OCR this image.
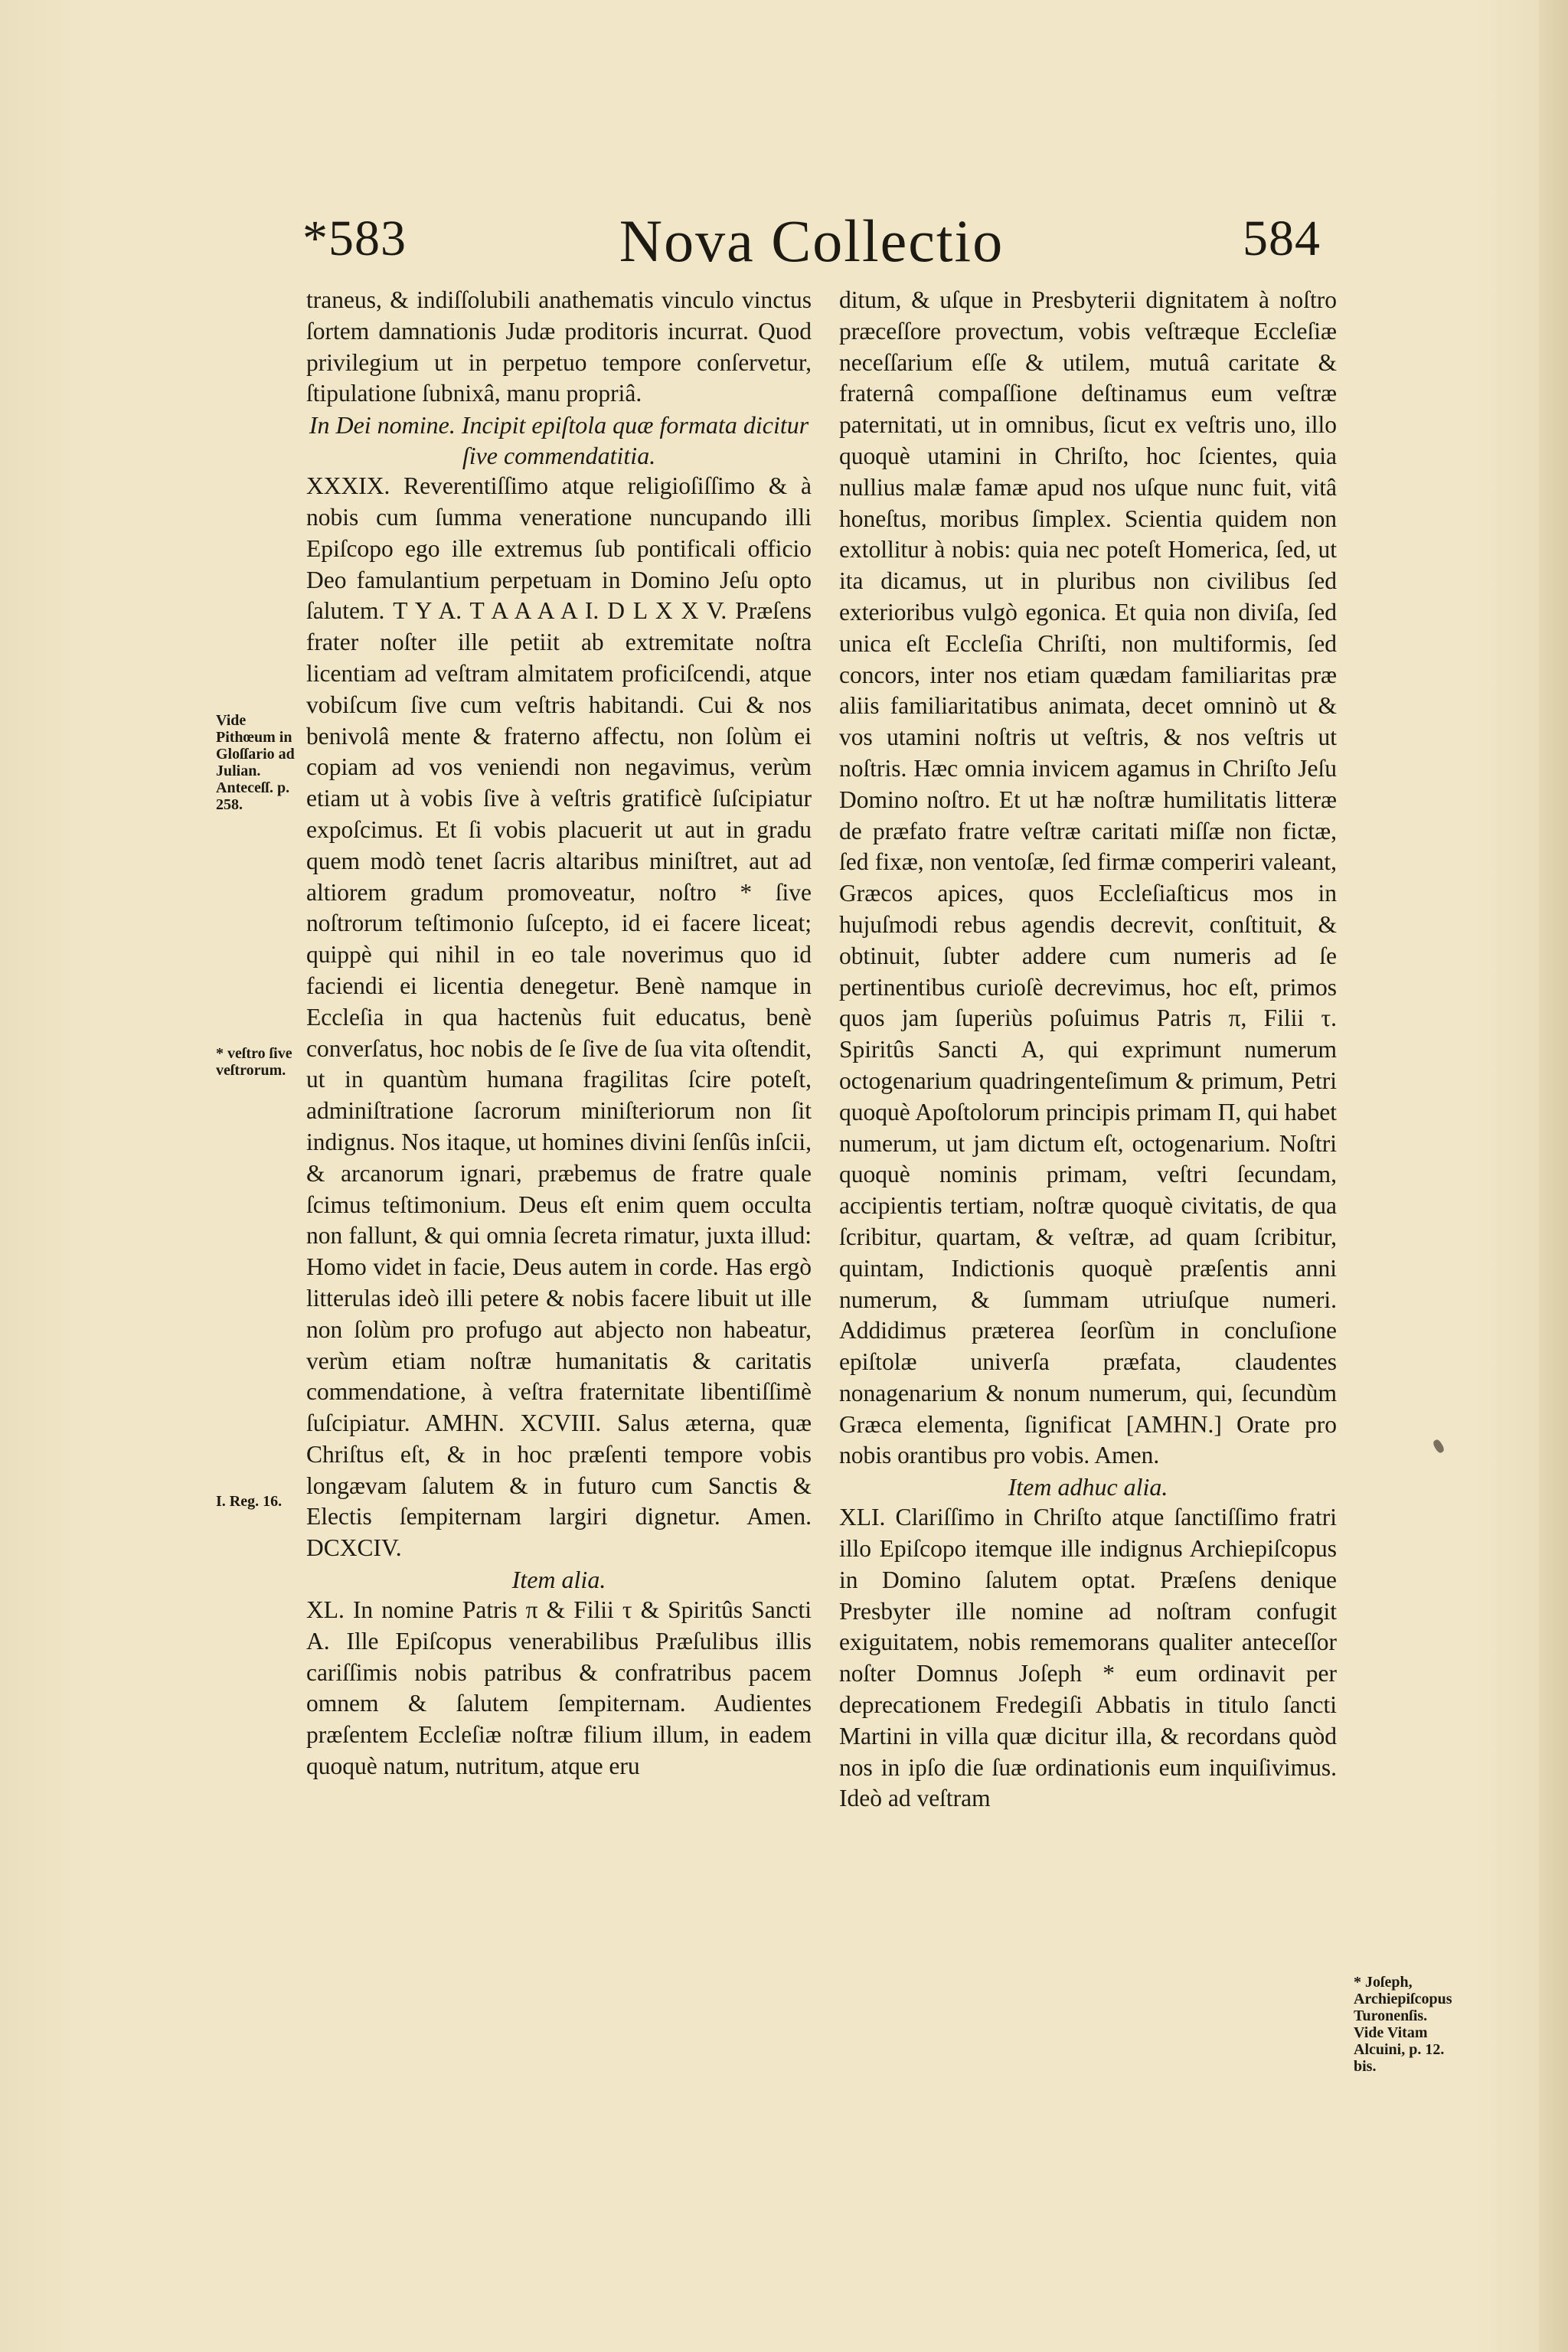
*583	Nova Collectio	584

traneus, & indiſſolubili anathematis vinculo vinctus ſortem damnationis Judæ proditoris incurrat. Quod privilegium ut in perpetuo tempore conſervetur, ſtipulatione ſubnixâ, manu propriâ.

In Dei nomine. Incipit epiſtola quæ formata dicitur ſive commendatitia.

XXXIX. Reverentiſſimo atque religioſiſſimo & à nobis cum ſumma veneratione nuncupando illi Epiſcopo ego ille extremus ſub pontificali officio Deo famulantium perpetuam in Domino Jeſu opto ſalutem. Τ Υ Α. Τ Α Α Α Α Ι. D L X X V. Præſens frater noſter ille petiit ab extremitate noſtra licentiam ad veſtram almitatem proficiſcendi, atque vobiſcum ſive cum veſtris habitandi. Cui & nos benivolâ mente & fraterno affectu, non ſolùm ei copiam ad vos veniendi non negavimus, verùm etiam ut à vobis ſive à veſtris gratificè ſuſcipiatur expoſcimus. Et ſi vobis placuerit ut aut in gradu quem modò tenet ſacris altaribus miniſtret, aut ad altiorem gradum promoveatur, noſtro * ſive noſtrorum teſtimonio ſuſcepto, id ei facere liceat; quippè qui nihil in eo tale noverimus quo id faciendi ei licentia denegetur. Benè namque in Eccleſia in qua hactenùs fuit educatus, benè converſatus, hoc nobis de ſe ſive de ſua vita oſtendit, ut in quantùm humana fragilitas ſcire poteſt, adminiſtratione ſacrorum miniſteriorum non ſit indignus. Nos itaque, ut homines divini ſenſûs inſcii, & arcanorum ignari, præbemus de fratre quale ſcimus teſtimonium. Deus eſt enim quem occulta non fallunt, & qui omnia ſecreta rimatur, juxta illud: Homo videt in facie, Deus autem in corde. Has ergò litterulas ideò illi petere & nobis facere libuit ut ille non ſolùm pro profugo aut abjecto non habeatur, verùm etiam noſtræ humanitatis & caritatis commendatione, à veſtra fraternitate libentiſſimè ſuſcipiatur. AMHN. XCVIII. Salus æterna, quæ Chriſtus eſt, & in hoc præſenti tempore vobis longævam ſalutem & in futuro cum Sanctis & Electis ſempiternam largiri dignetur. Amen. DCXCIV.

Item alia.

XL. In nomine Patris π & Filii τ & Spiritûs Sancti Α. Ille Epiſcopus venerabilibus Præſulibus illis cariſſimis nobis patribus & confratribus pacem omnem & ſalutem ſempiternam. Audientes præſentem Eccleſiæ noſtræ filium illum, in eadem quoquè natum, nutritum, atque eru

ditum, & uſque in Presbyterii dignitatem à noſtro præceſſore provectum, vobis veſtræque Eccleſiæ neceſſarium eſſe & utilem, mutuâ caritate & fraternâ compaſſione deſtinamus eum veſtræ paternitati, ut in omnibus, ſicut ex veſtris uno, illo quoquè utamini in Chriſto, hoc ſcientes, quia nullius malæ famæ apud nos uſque nunc fuit, vitâ honeſtus, moribus ſimplex. Scientia quidem non extollitur à nobis: quia nec poteſt Homerica, ſed, ut ita dicamus, ut in pluribus non civilibus ſed exterioribus vulgò egonica. Et quia non diviſa, ſed unica eſt Eccleſia Chriſti, non multiformis, ſed concors, inter nos etiam quædam familiaritas præ aliis familiaritatibus animata, decet omninò ut & vos utamini noſtris ut veſtris, & nos veſtris ut noſtris. Hæc omnia invicem agamus in Chriſto Jeſu Domino noſtro. Et ut hæ noſtræ humilitatis litteræ de præfato fratre veſtræ caritati miſſæ non fictæ, ſed fixæ, non ventoſæ, ſed firmæ comperiri valeant, Græcos apices, quos Eccleſiaſticus mos in hujuſmodi rebus agendis decrevit, conſtituit, & obtinuit, ſubter addere cum numeris ad ſe pertinentibus curioſè decrevimus, hoc eſt, primos quos jam ſuperiùs poſuimus Patris π, Filii τ. Spiritûs Sancti Α, qui exprimunt numerum octogenarium quadringenteſimum & primum, Petri quoquè Apoſtolorum principis primam Π, qui habet numerum, ut jam dictum eſt, octogenarium. Noſtri quoquè nominis primam, veſtri ſecundam, accipientis tertiam, noſtræ quoquè civitatis, de qua ſcribitur, quartam, & veſtræ, ad quam ſcribitur, quintam, Indictionis quoquè præſentis anni numerum, & ſummam utriuſque numeri. Addidimus præterea ſeorſùm in concluſione epiſtolæ univerſa præfata, claudentes nonagenarium & nonum numerum, qui, ſecundùm Græca elementa, ſignificat [ΑΜΗΝ.] Orate pro nobis orantibus pro vobis. Amen.

Item adhuc alia.

XLI. Clariſſimo in Chriſto atque ſanctiſſimo fratri illo Epiſcopo itemque ille indignus Archiepiſcopus in Domino ſalutem optat. Præſens denique Presbyter ille nomine ad noſtram confugit exiguitatem, nobis rememorans qualiter anteceſſor noſter Domnus Joſeph * eum ordinavit per deprecationem Fredegiſi Abbatis in titulo ſancti Martini in villa quæ dicitur illa, & recordans quòd nos in ipſo die ſuæ ordinationis eum inquiſivimus. Ideò ad veſtram

Vide Pithœum in Gloſſario ad Julian. Anteceſſ. p. 258.
* veſtro ſive veſtrorum.
I. Reg. 16.
* Joſeph, Archiepiſcopus Turonenſis. Vide Vitam Alcuini, p. 12. bis.
